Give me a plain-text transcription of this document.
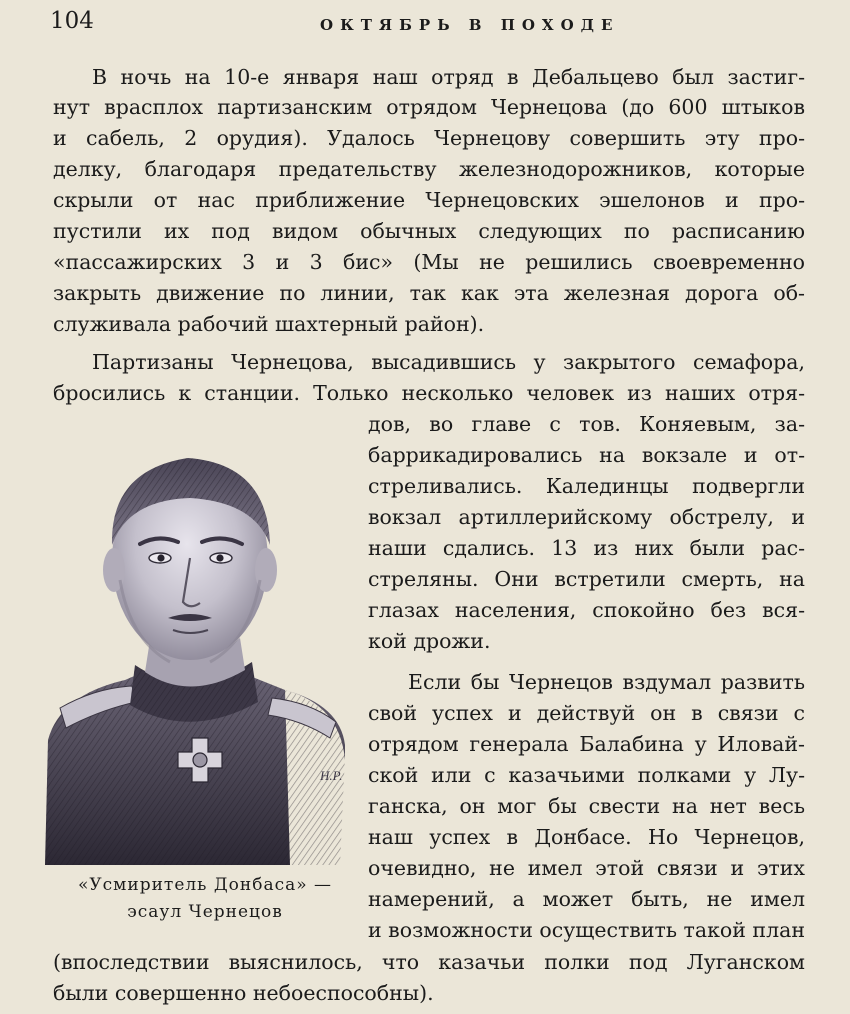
104	ОКТЯБРЬ В ПОХОДЕ
В ночь на 10-е января наш отряд в Дебальцево был застиг-
нут врасплох партизанским отрядом Чернецова (до 600 штыков
и сабель, 2 орудия). Удалось Чернецову совершить эту про-
делку, благодаря предательству железнодорожников, которые
скрыли от нас приближение Чернецовских эшелонов и про-
пустили их под видом обычных следующих по расписанию
«пассажирских 3 и 3 бис» (Мы не решились своевременно
закрыть движение по линии, так как эта железная дорога об-
служивала рабочий шахтерный район).
Партизаны Чернецова, высадившись у закрытого семафора,
бросились к станции. Только несколько человек из наших отря-
дов, во главе с тов. Коняевым, за-
баррикадировались на вокзале и от-
стреливались. Калединцы подвергли
вокзал артиллерийскому обстрелу, и
наши сдались. 13 из них были рас-
стреляны. Они встретили смерть, на
глазах населения, спокойно без вся-
кой дрожи.
Если бы Чернецов вздумал развить
свой успех и действуй он в связи с
отрядом генерала Балабина у Иловай-
ской или с казачьими полками у Лу-
ганска, он мог бы свести на нет весь
наш успех в Донбасе. Но Чернецов,
очевидно, не имел этой связи и этих
намерений, а может быть, не имел
и возможности осуществить такой план
(впоследствии выяснилось, что казачьи полки под Луганском
были совершенно небоеспособны).
Н.Р.
«Усмиритель Донбаса» —
эсаул Чернецов
